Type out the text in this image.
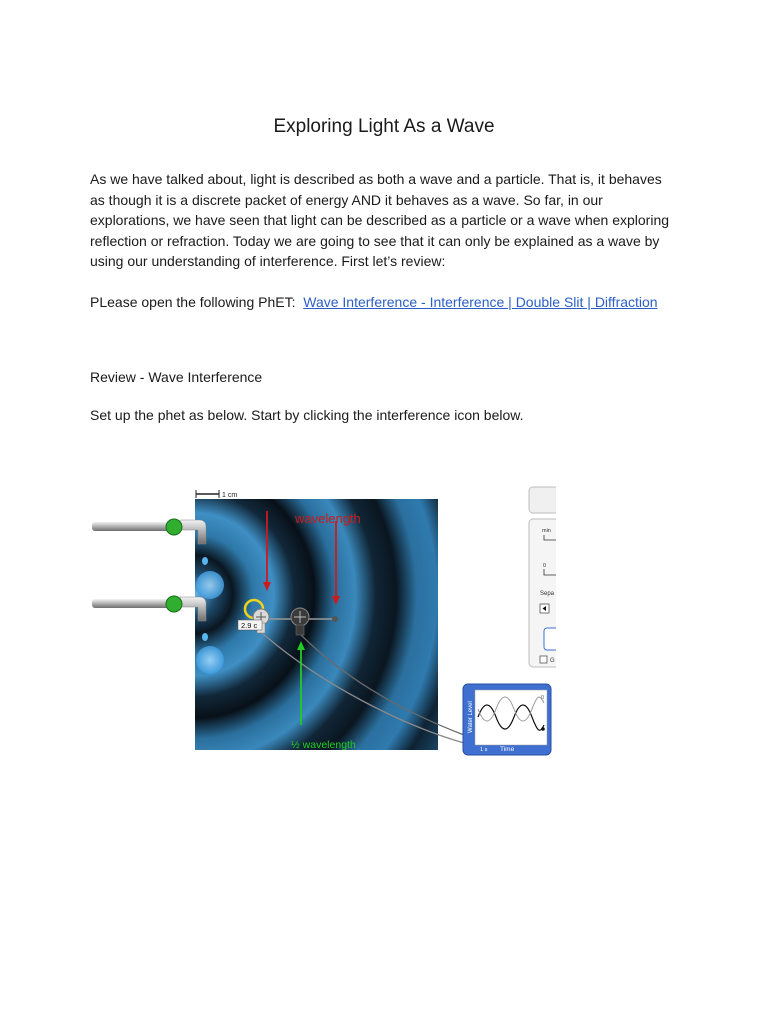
Exploring Light As a Wave

As we have talked about, light is described as both a wave and a particle. That is, it behaves as though it is a discrete packet of energy AND it behaves as a wave. So far, in our explorations, we have seen that light can be described as a particle or a wave when exploring reflection or refraction. Today we are going to see that it can only be explained as a wave by using our understanding of interference. First let’s review:

PLease open the following PhET: Wave Interference - Interference | Double Slit | Diffraction

Review - Wave Interference

Set up the phet as below. Start by clicking the interference icon below.

1 cm
wavelength
2.9 c
½ wavelength
min
0
Sepa
G
Water Level
Time
1 s
0
